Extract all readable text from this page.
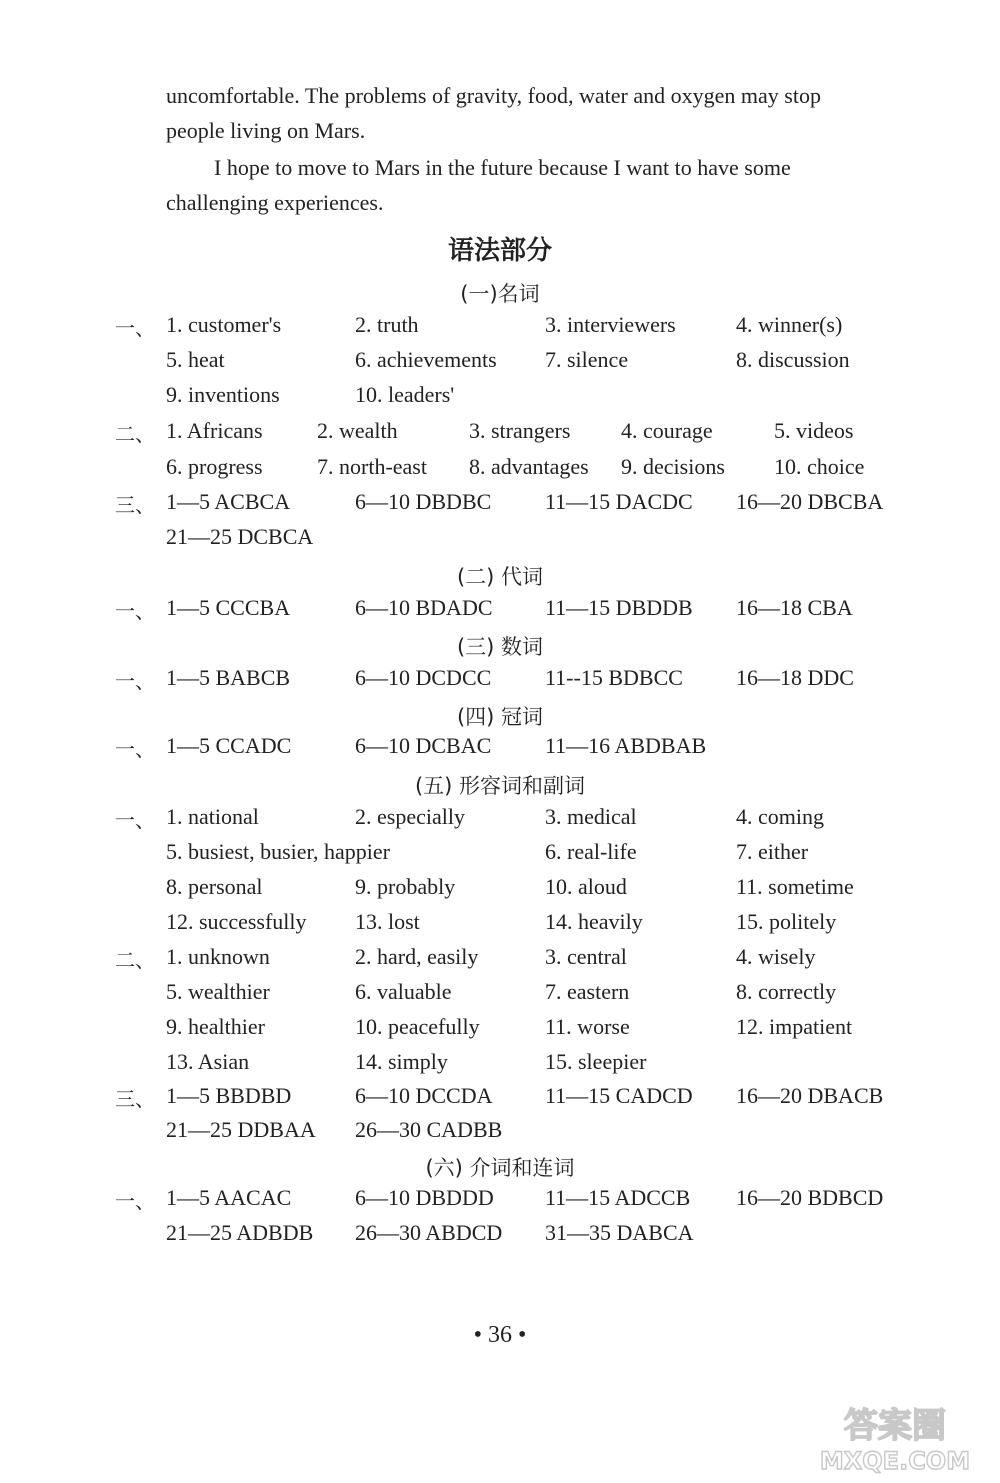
uncomfortable. The problems of gravity, food, water and oxygen may stop
people living on Mars.

I hope to move to Mars in the future because I want to have some
challenging experiences.

语法部分
(一)名词
一、 1. customer's	2. truth	3. interviewers	4. winner(s)
5. heat	6. achievements 7. silence	8. discussion
9. inventions	10. leaders'
二、 1. Africans 2. wealth	3. strangers 4. courage	5. videos
6. progress 7. north-east 8. advantages 9. decisions 10. choice
三、 1—5 ACBCA	6—10 DBDBC 11—15 DACDC 16—20 DBCBA
21—25 DCBCA
(二) 代词
一、 1—5 CCCBA	6—10 BDADC 11—15 DBDDB 16—18 CBA
(三) 数词
一、 1—5 BABCB	6—10 DCDCC 11--15 BDBCC 16—18 DDC
(四) 冠词
一、 1—5 CCADC	6—10 DCBAC 11—16 ABDBAB
(五) 形容词和副词
一、 1. national	2. especially	3. medical	4. coming
5. busiest, busier, happier	6. real-life	7. either
8. personal	9. probably	10. aloud	11. sometime
12. successfully 13. lost	14. heavily	15. politely
二、 1. unknown	2. hard, easily	3. central	4. wisely
5. wealthier	6. valuable	7. eastern	8. correctly
9. healthier	10. peacefully	11. worse	12. impatient
13. Asian	14. simply	15. sleepier
三、 1—5 BBDBD	6—10 DCCDA 11—15 CADCD 16—20 DBACB
21—25 DDBAA 26—30 CADBB
(六) 介词和连词
一、 1—5 AACAC	6—10 DBDDD 11—15 ADCCB 16—20 BDBCD
21—25 ADBDB 26—30 ABDCD 31—35 DABCA
• 36 •
答案圈
MXQE.COM
